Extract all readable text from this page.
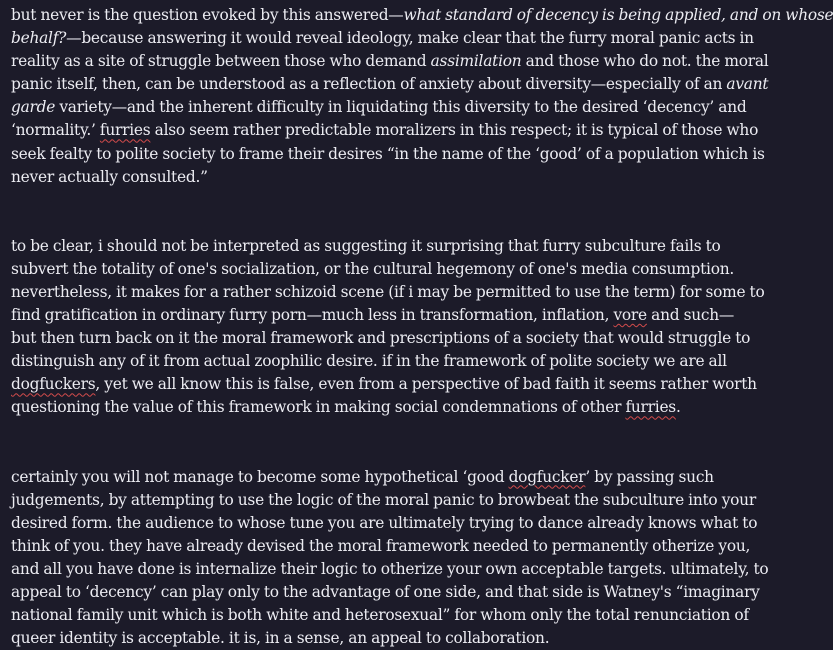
but never is the question evoked by this answered—what standard of decency is being applied, and on whose

behalf?—because answering it would reveal ideology, make clear that the furry moral panic acts in

reality as a site of struggle between those who demand assimilation and those who do not. the moral

panic itself, then, can be understood as a reflection of anxiety about diversity—especially of an avant

garde variety—and the inherent difficulty in liquidating this diversity to the desired ‘decency’ and

‘normality.’ furries also seem rather predictable moralizers in this respect; it is typical of those who

seek fealty to polite society to frame their desires “in the name of the ‘good’ of a population which is

never actually consulted.”

to be clear, i should not be interpreted as suggesting it surprising that furry subculture fails to

subvert the totality of one's socialization, or the cultural hegemony of one's media consumption.

nevertheless, it makes for a rather schizoid scene (if i may be permitted to use the term) for some to

find gratification in ordinary furry porn—much less in transformation, inflation, vore and such—

but then turn back on it the moral framework and prescriptions of a society that would struggle to

distinguish any of it from actual zoophilic desire. if in the framework of polite society we are all

dogfuckers, yet we all know this is false, even from a perspective of bad faith it seems rather worth

questioning the value of this framework in making social condemnations of other furries.

certainly you will not manage to become some hypothetical ‘good dogfucker’ by passing such

judgements, by attempting to use the logic of the moral panic to browbeat the subculture into your

desired form. the audience to whose tune you are ultimately trying to dance already knows what to

think of you. they have already devised the moral framework needed to permanently otherize you,

and all you have done is internalize their logic to otherize your own acceptable targets. ultimately, to

appeal to ‘decency’ can play only to the advantage of one side, and that side is Watney's “imaginary

national family unit which is both white and heterosexual” for whom only the total renunciation of

queer identity is acceptable. it is, in a sense, an appeal to collaboration.
